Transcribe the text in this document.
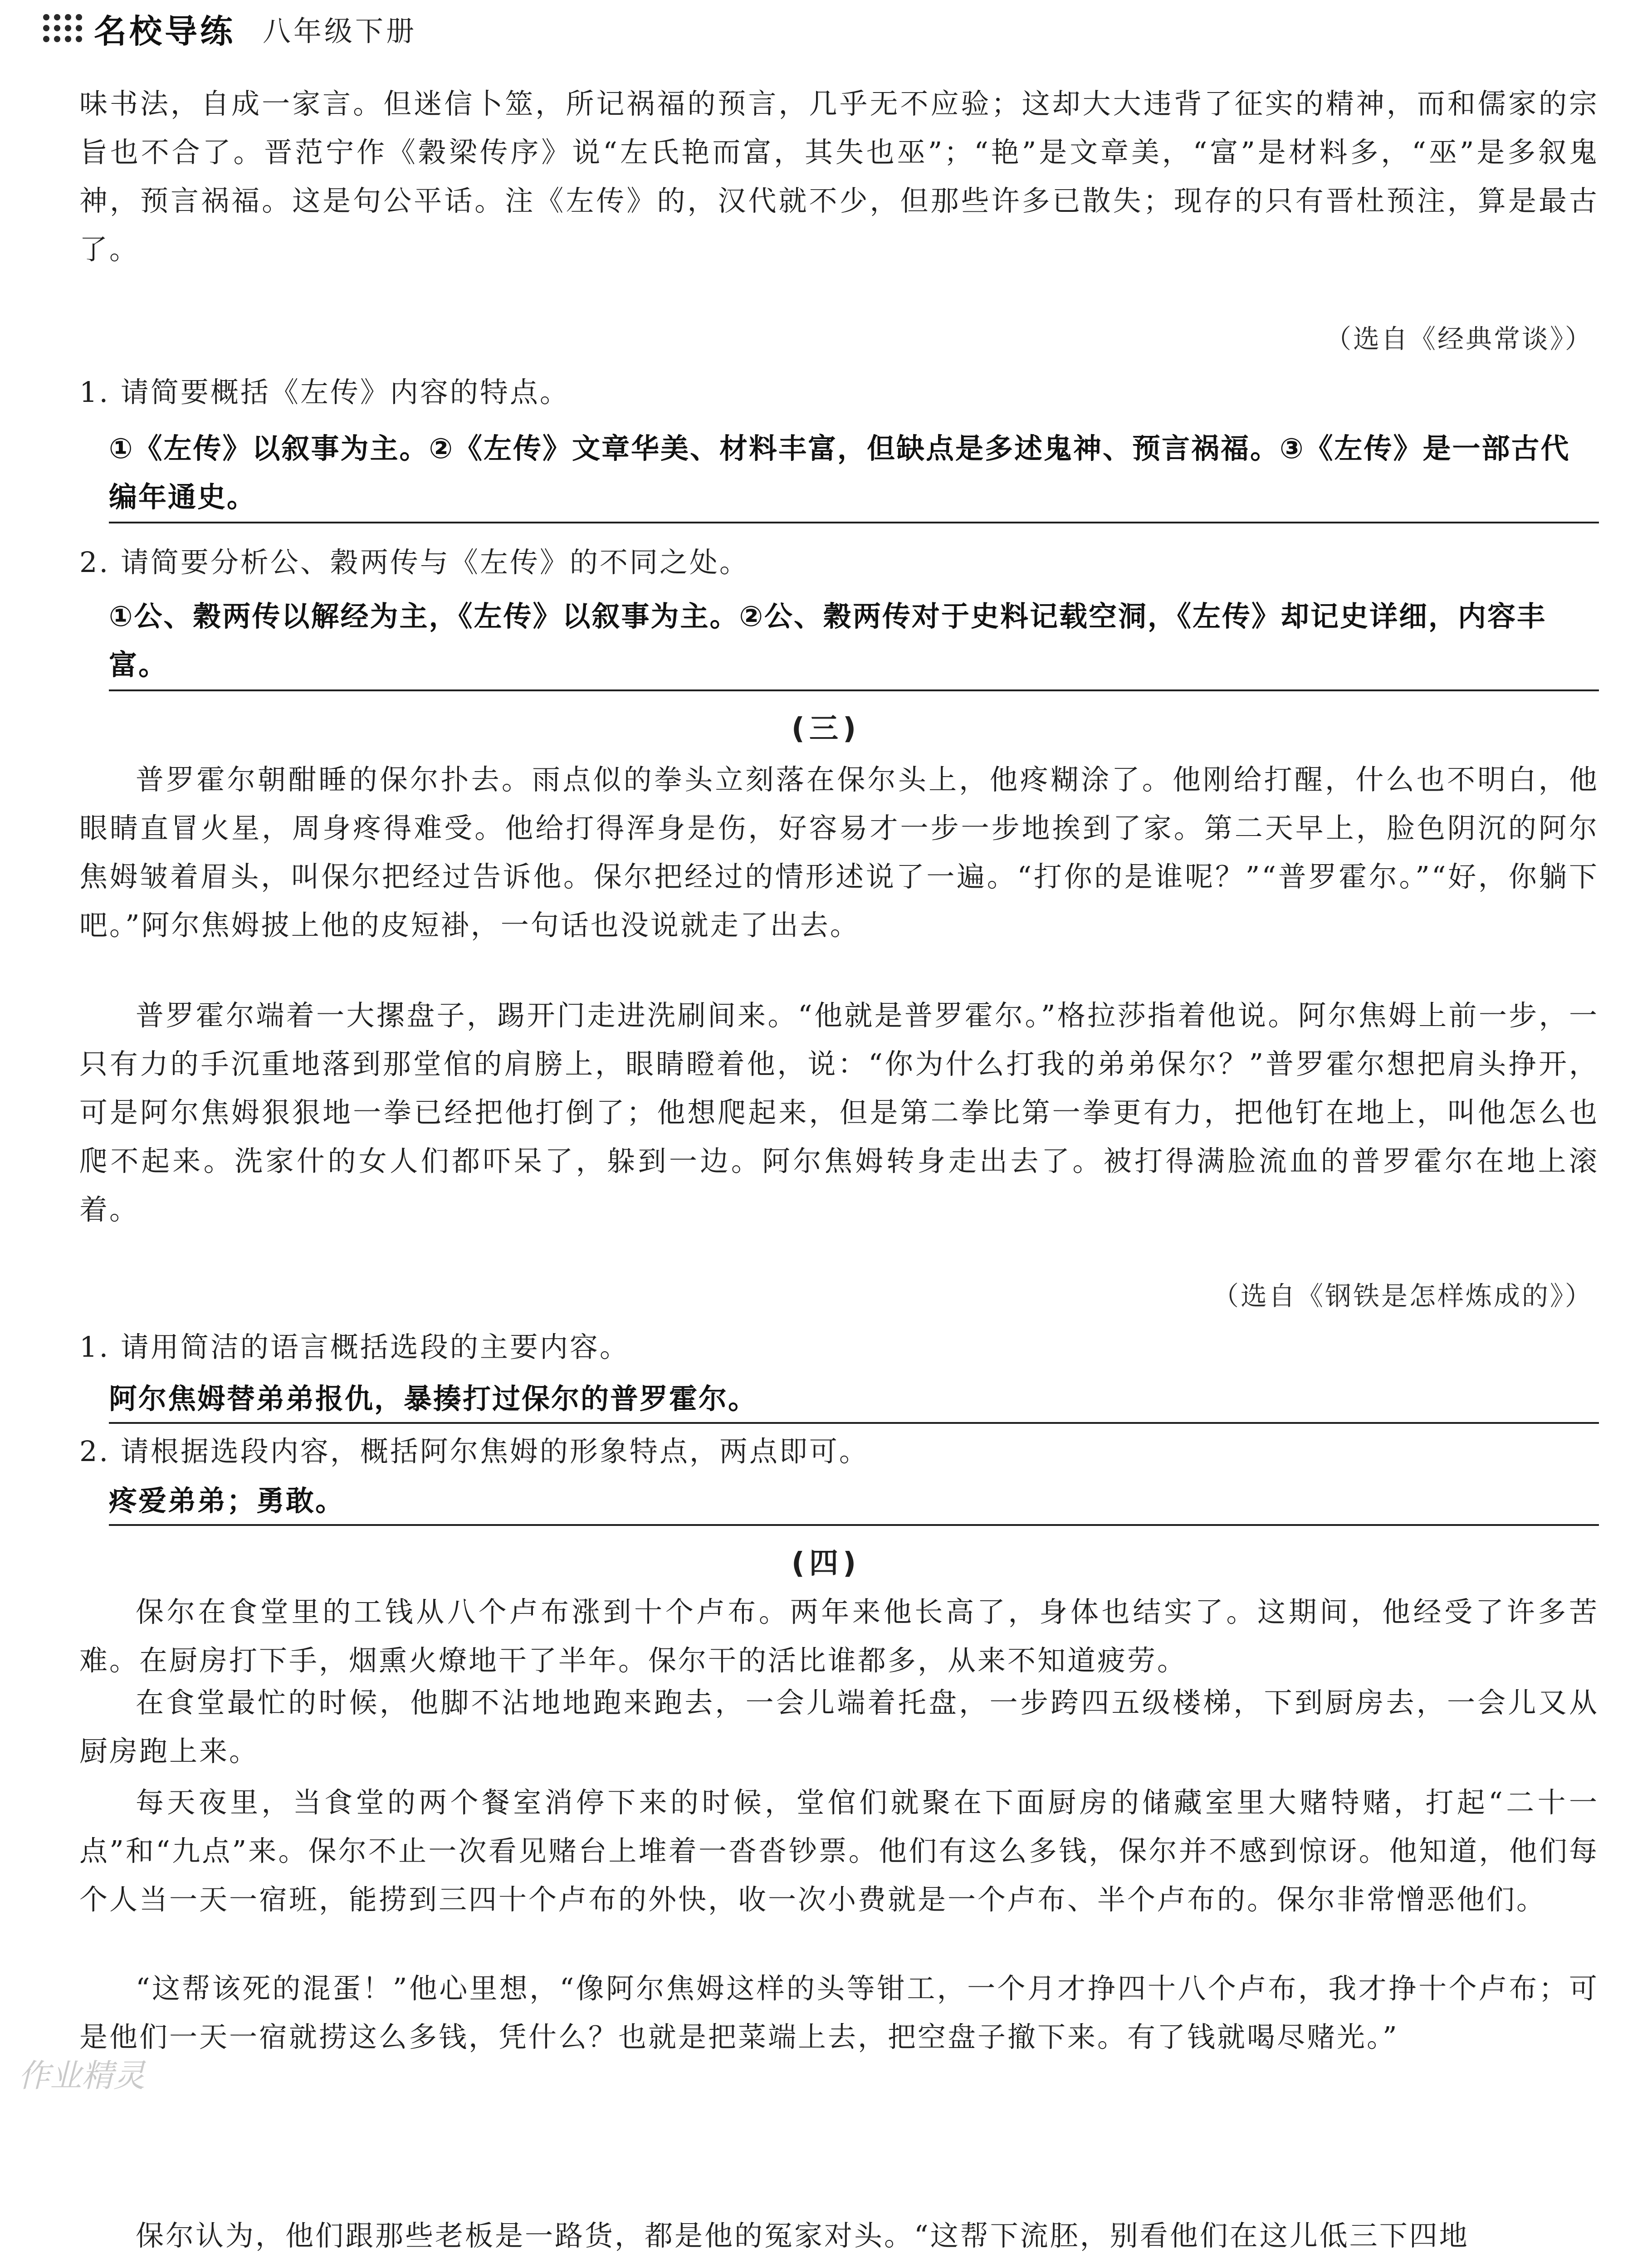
名校导练 八年级下册

味书法，自成一家言。但迷信卜筮，所记祸福的预言，几乎无不应验；这却大大违背了征实的精神，而和儒家的宗旨也不合了。晋范宁作《穀梁传序》说“左氏艳而富，其失也巫”；“艳”是文章美，“富”是材料多，“巫”是多叙鬼神，预言祸福。这是句公平话。注《左传》的，汉代就不少，但那些许多已散失；现存的只有晋杜预注，算是最古了。

（选自《经典常谈》）
1. 请简要概括《左传》内容的特点。

①《左传》以叙事为主。②《左传》文章华美、材料丰富，但缺点是多述鬼神、预言祸福。③《左传》是一部古代编年通史。

2. 请简要分析公、穀两传与《左传》的不同之处。

①公、穀两传以解经为主，《左传》以叙事为主。②公、穀两传对于史料记载空洞，《左传》却记史详细，内容丰富。

(三)

普罗霍尔朝酣睡的保尔扑去。雨点似的拳头立刻落在保尔头上，他疼糊涂了。他刚给打醒，什么也不明白，他眼睛直冒火星，周身疼得难受。他给打得浑身是伤，好容易才一步一步地挨到了家。第二天早上，脸色阴沉的阿尔焦姆皱着眉头，叫保尔把经过告诉他。保尔把经过的情形述说了一遍。“打你的是谁呢？”“普罗霍尔。”“好，你躺下吧。”阿尔焦姆披上他的皮短褂，一句话也没说就走了出去。

普罗霍尔端着一大摞盘子，踢开门走进洗刷间来。“他就是普罗霍尔。”格拉莎指着他说。阿尔焦姆上前一步，一只有力的手沉重地落到那堂倌的肩膀上，眼睛瞪着他，说：“你为什么打我的弟弟保尔？”普罗霍尔想把肩头挣开，可是阿尔焦姆狠狠地一拳已经把他打倒了；他想爬起来，但是第二拳比第一拳更有力，把他钉在地上，叫他怎么也爬不起来。洗家什的女人们都吓呆了，躲到一边。阿尔焦姆转身走出去了。被打得满脸流血的普罗霍尔在地上滚着。

（选自《钢铁是怎样炼成的》）
1. 请用简洁的语言概括选段的主要内容。

阿尔焦姆替弟弟报仇，暴揍打过保尔的普罗霍尔。

2. 请根据选段内容，概括阿尔焦姆的形象特点，两点即可。

疼爱弟弟；勇敢。

(四)

保尔在食堂里的工钱从八个卢布涨到十个卢布。两年来他长高了，身体也结实了。这期间，他经受了许多苦难。在厨房打下手，烟熏火燎地干了半年。保尔干的活比谁都多，从来不知道疲劳。

在食堂最忙的时候，他脚不沾地地跑来跑去，一会儿端着托盘，一步跨四五级楼梯，下到厨房去，一会儿又从厨房跑上来。

每天夜里，当食堂的两个餐室消停下来的时候，堂倌们就聚在下面厨房的储藏室里大赌特赌，打起“二十一点”和“九点”来。保尔不止一次看见赌台上堆着一沓沓钞票。他们有这么多钱，保尔并不感到惊讶。他知道，他们每个人当一天一宿班，能捞到三四十个卢布的外快，收一次小费就是一个卢布、半个卢布的。保尔非常憎恶他们。

“这帮该死的混蛋！”他心里想，“像阿尔焦姆这样的头等钳工，一个月才挣四十八个卢布，我才挣十个卢布；可是他们一天一宿就捞这么多钱，凭什么？也就是把菜端上去，把空盘子撤下来。有了钱就喝尽赌光。”

保尔认为，他们跟那些老板是一路货，都是他的冤家对头。“这帮下流胚，别看他们在这儿低三下四地

作业精灵
